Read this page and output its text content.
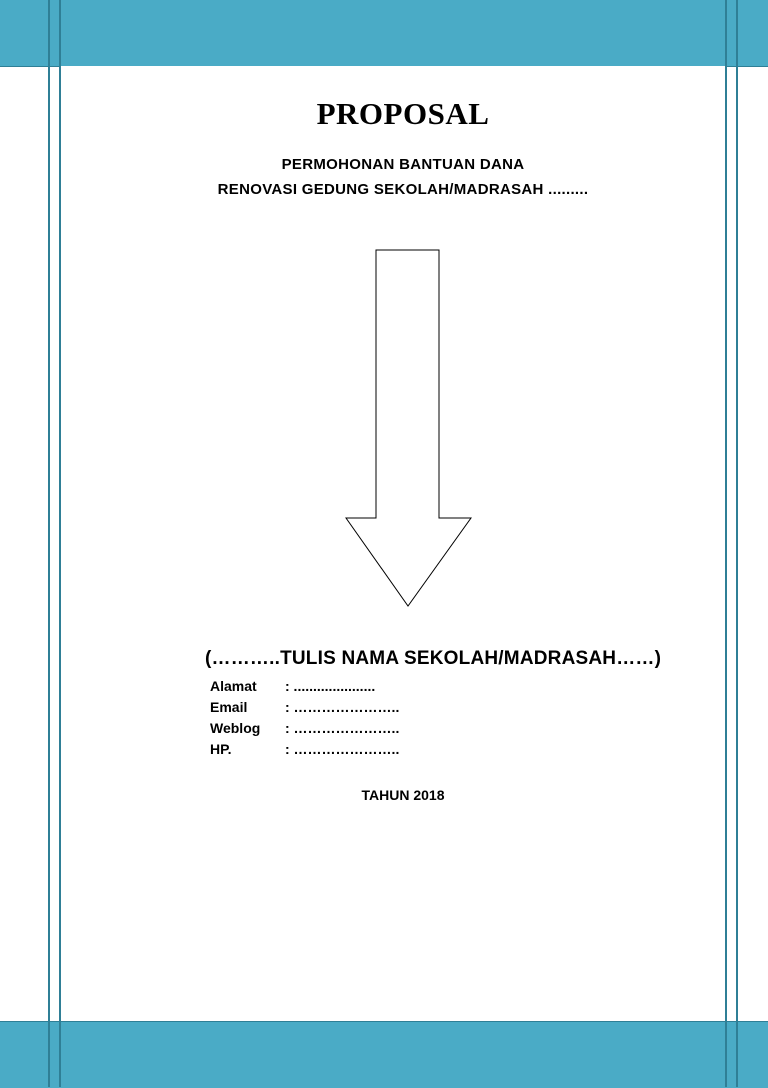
PROPOSAL
PERMOHONAN BANTUAN DANA
RENOVASI GEDUNG SEKOLAH/MADRASAH .........
(………..TULIS NAMA SEKOLAH/MADRASAH……)
Alamat	: .....................
Email	: …………………..
Weblog	: …………………..
HP.	: …………………..
TAHUN 2018
